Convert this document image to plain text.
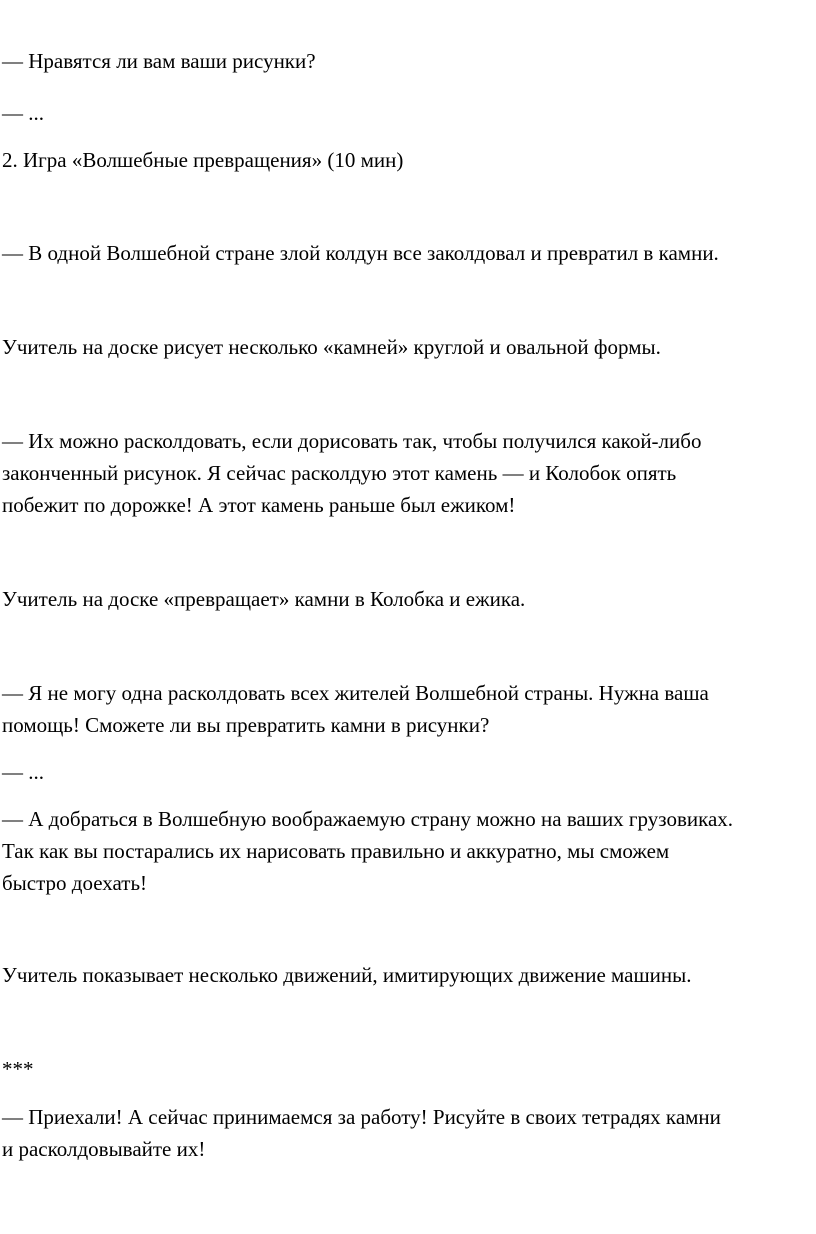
— Нравятся ли вам ваши рисунки?

— ...

2. Игра «Волшебные превращения» (10 мин)

— В одной Волшебной стране злой колдун все заколдовал и превратил в камни.

Учитель на доске рисует несколько «камней» круглой и овальной формы.

— Их можно расколдовать, если дорисовать так, чтобы получился какой-либо

законченный рисунок. Я сейчас расколдую этот камень — и Колобок опять

побежит по дорожке! А этот камень раньше был ежиком!

Учитель на доске «превращает» камни в Колобка и ежика.

— Я не могу одна расколдовать всех жителей Волшебной страны. Нужна ваша

помощь! Сможете ли вы превратить камни в рисунки?

— ...

— А добраться в Волшебную воображаемую страну можно на ваших грузовиках.

Так как вы постарались их нарисовать правильно и аккуратно, мы сможем

быстро доехать!

Учитель показывает несколько движений, имитирующих движение машины.

***

— Приехали! А сейчас принимаемся за работу! Рисуйте в своих тетрадях камни

и расколдовывайте их!
